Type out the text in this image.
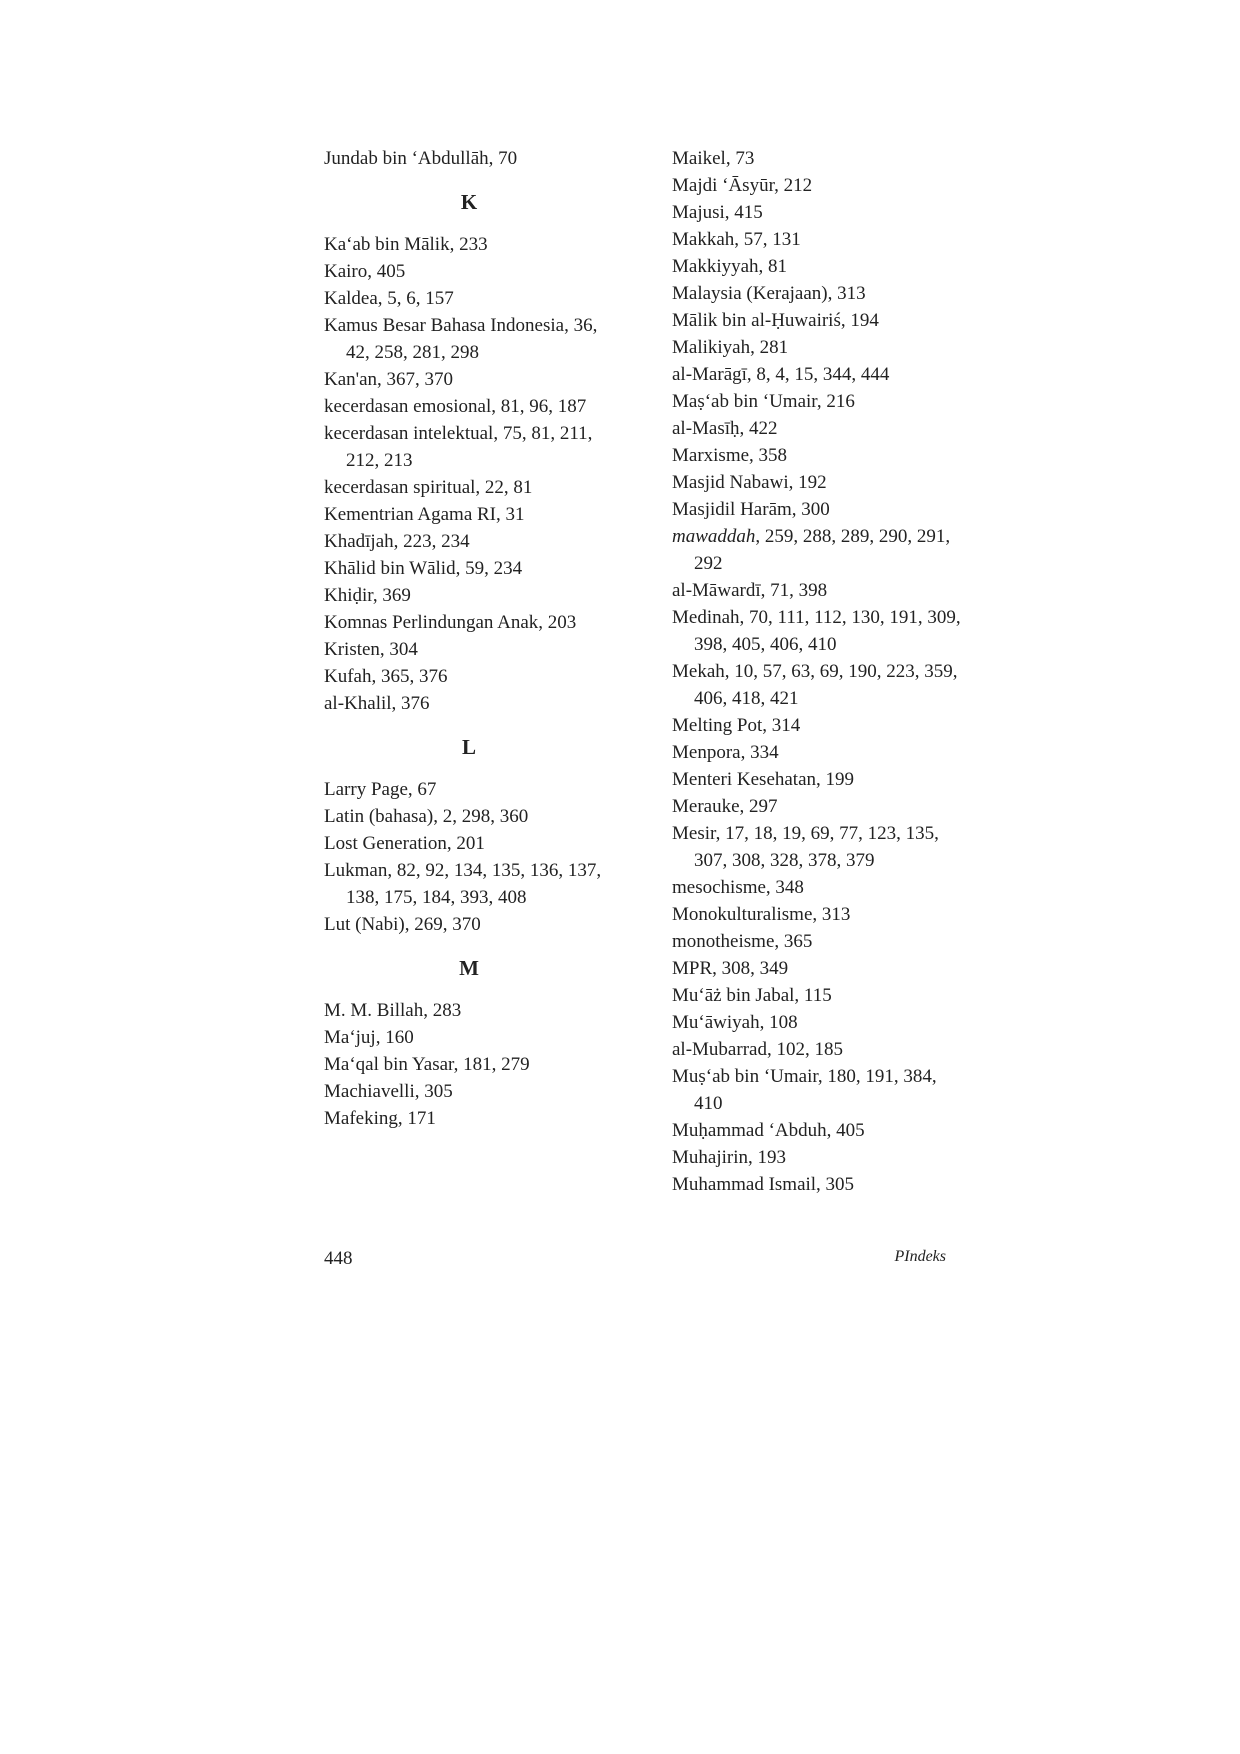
Jundab bin ‘Abdullāh, 70

K

Ka‘ab bin Mālik, 233

Kairo, 405

Kaldea, 5, 6, 157

Kamus Besar Bahasa Indonesia, 36, 42, 258, 281, 298

Kan'an, 367, 370

kecerdasan emosional, 81, 96, 187

kecerdasan intelektual, 75, 81, 211, 212, 213

kecerdasan spiritual, 22, 81

Kementrian Agama RI, 31

Khadījah, 223, 234

Khālid bin Wālid, 59, 234

Khiḍir, 369

Komnas Perlindungan Anak, 203

Kristen, 304

Kufah, 365, 376

al-Khalil, 376

L

Larry Page, 67

Latin (bahasa), 2, 298, 360

Lost Generation, 201

Lukman, 82, 92, 134, 135, 136, 137, 138, 175, 184, 393, 408

Lut (Nabi), 269, 370

M

M. M. Billah, 283

Ma‘juj, 160

Ma‘qal bin Yasar, 181, 279

Machiavelli, 305

Mafeking, 171

Maikel, 73

Majdi ‘Āsyūr, 212

Majusi, 415

Makkah, 57, 131

Makkiyyah, 81

Malaysia (Kerajaan), 313

Mālik bin al-Ḥuwairiś, 194

Malikiyah, 281

al-Marāgī, 8, 4, 15, 344, 444

Maṣ‘ab bin ‘Umair, 216

al-Masīḥ, 422

Marxisme, 358

Masjid Nabawi, 192

Masjidil Harām, 300

mawaddah, 259, 288, 289, 290, 291, 292

al-Māwardī, 71, 398

Medinah, 70, 111, 112, 130, 191, 309, 398, 405, 406, 410

Mekah, 10, 57, 63, 69, 190, 223, 359, 406, 418, 421

Melting Pot, 314

Menpora, 334

Menteri Kesehatan, 199

Merauke, 297

Mesir, 17, 18, 19, 69, 77, 123, 135, 307, 308, 328, 378, 379

mesochisme, 348

Monokulturalisme, 313

monotheisme, 365

MPR, 308, 349

Mu‘āż bin Jabal, 115

Mu‘āwiyah, 108

al-Mubarrad, 102, 185

Muṣ‘ab bin ‘Umair, 180, 191, 384, 410

Muḥammad ‘Abduh, 405

Muhajirin, 193

Muhammad Ismail, 305

448	PIndeks
